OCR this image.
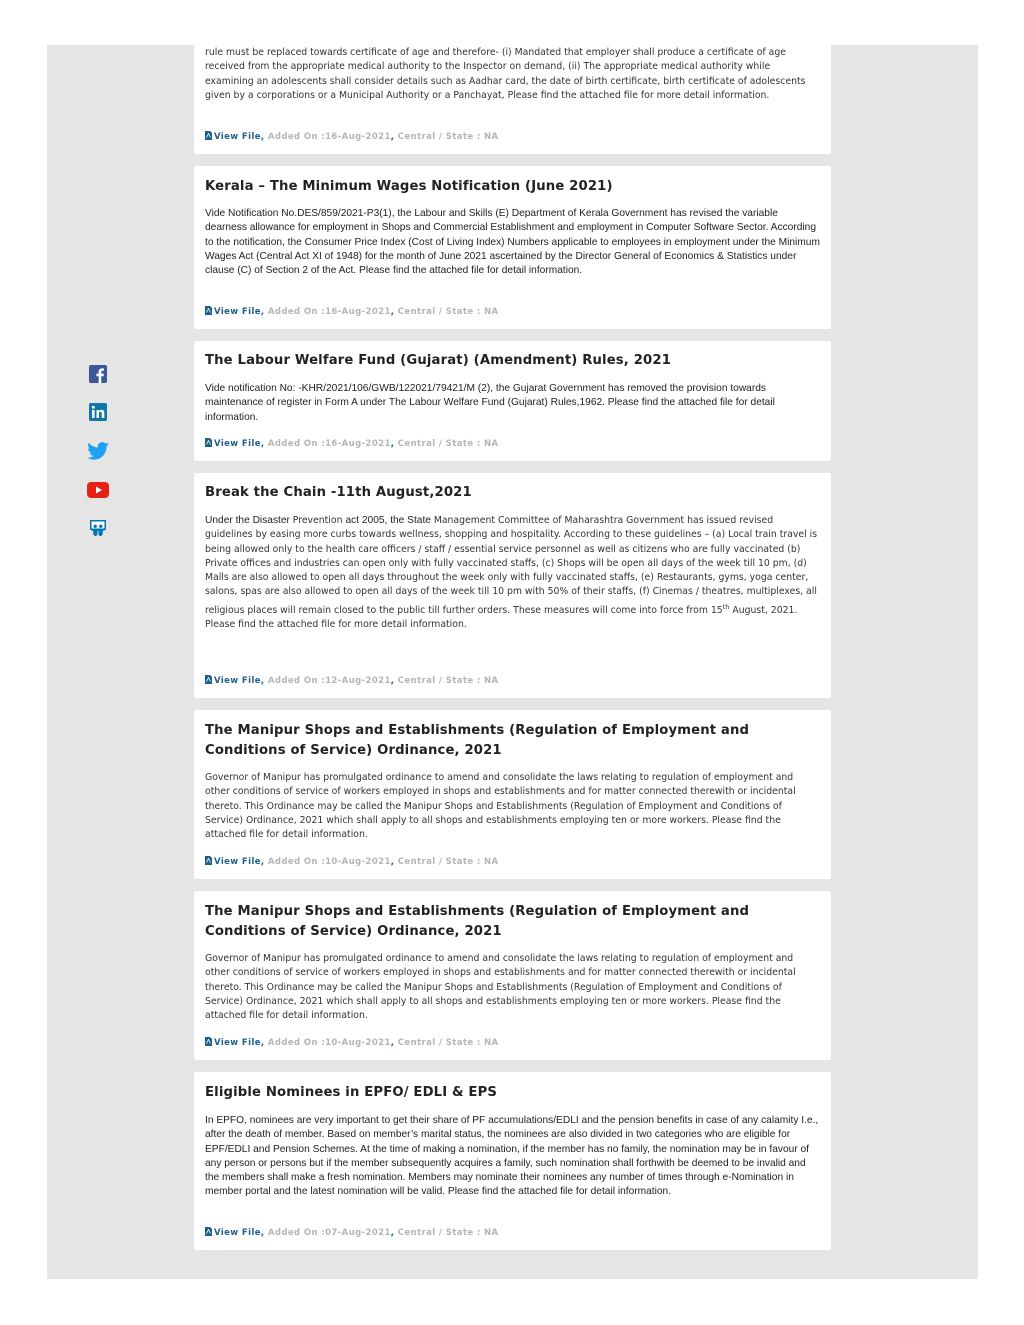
rule must be replaced towards certificate of age and therefore- (i) Mandated that employer shall produce a certificate of age received from the appropriate medical authority to the Inspector on demand, (ii) The appropriate medical authority while examining an adolescents shall consider details such as Aadhar card, the date of birth certificate, birth certificate of adolescents given by a corporations or a Municipal Authority or a Panchayat, Please find the attached file for more detail information.

View File, Added On :16-Aug-2021, Central / State : NA
Kerala – The Minimum Wages Notification (June 2021)

Vide Notification No.DES/859/2021-P3(1), the Labour and Skills (E) Department of Kerala Government has revised the variable dearness allowance for employment in Shops and Commercial Establishment and employment in Computer Software Sector. According to the notification, the Consumer Price Index (Cost of Living Index) Numbers applicable to employees in employment under the Minimum Wages Act (Central Act XI of 1948) for the month of June 2021 ascertained by the Director General of Economics & Statistics under clause (C) of Section 2 of the Act. Please find the attached file for detail information.

View File, Added On :16-Aug-2021, Central / State : NA
The Labour Welfare Fund (Gujarat) (Amendment) Rules, 2021

Vide notification No: -KHR/2021/106/GWB/122021/79421/M (2), the Gujarat Government has removed the provision towards maintenance of register in Form A under The Labour Welfare Fund (Gujarat) Rules,1962. Please find the attached file for detail information.

View File, Added On :16-Aug-2021, Central / State : NA
Break the Chain -11th August,2021

Under the Disaster Prevention act 2005, the State Management Committee of Maharashtra Government has issued revised guidelines by easing more curbs towards wellness, shopping and hospitality. According to these guidelines – (a) Local train travel is being allowed only to the health care officers / staff / essential service personnel as well as citizens who are fully vaccinated (b) Private offices and industries can open only with fully vaccinated staffs, (c) Shops will be open all days of the week till 10 pm, (d) Malls are also allowed to open all days throughout the week only with fully vaccinated staffs, (e) Restaurants, gyms, yoga center, salons, spas are also allowed to open all days of the week till 10 pm with 50% of their staffs, (f) Cinemas / theatres, multiplexes, all religious places will remain closed to the public till further orders. These measures will come into force from 15th August, 2021. Please find the attached file for more detail information.

View File, Added On :12-Aug-2021, Central / State : NA
The Manipur Shops and Establishments (Regulation of Employment and Conditions of Service) Ordinance, 2021

Governor of Manipur has promulgated ordinance to amend and consolidate the laws relating to regulation of employment and other conditions of service of workers employed in shops and establishments and for matter connected therewith or incidental thereto. This Ordinance may be called the Manipur Shops and Establishments (Regulation of Employment and Conditions of Service) Ordinance, 2021 which shall apply to all shops and establishments employing ten or more workers. Please find the attached file for detail information.

View File, Added On :10-Aug-2021, Central / State : NA
The Manipur Shops and Establishments (Regulation of Employment and Conditions of Service) Ordinance, 2021

Governor of Manipur has promulgated ordinance to amend and consolidate the laws relating to regulation of employment and other conditions of service of workers employed in shops and establishments and for matter connected therewith or incidental thereto. This Ordinance may be called the Manipur Shops and Establishments (Regulation of Employment and Conditions of Service) Ordinance, 2021 which shall apply to all shops and establishments employing ten or more workers. Please find the attached file for detail information.

View File, Added On :10-Aug-2021, Central / State : NA
Eligible Nominees in EPFO/ EDLI & EPS

In EPFO, nominees are very important to get their share of PF accumulations/EDLI and the pension benefits in case of any calamity I.e., after the death of member. Based on member’s marital status, the nominees are also divided in two categories who are eligible for EPF/EDLI and Pension Schemes. At the time of making a nomination, if the member has no family, the nomination may be in favour of any person or persons but if the member subsequently acquires a family, such nomination shall forthwith be deemed to be invalid and the members shall make a fresh nomination. Members may nominate their nominees any number of times through e-Nomination in member portal and the latest nomination will be valid. Please find the attached file for detail information.

View File, Added On :07-Aug-2021, Central / State : NA
